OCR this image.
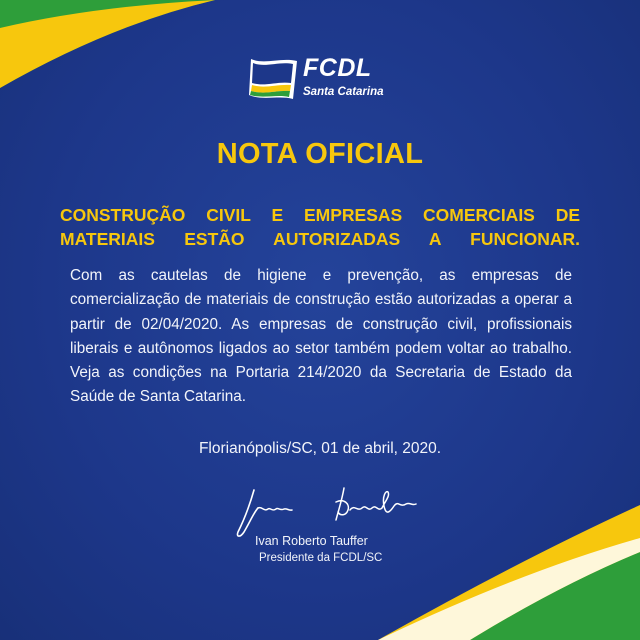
FCDL
Santa Catarina
NOTA OFICIAL
CONSTRUÇÃO CIVIL E EMPRESAS COMERCIAIS DE
MATERIAIS ESTÃO AUTORIZADAS A FUNCIONAR.
Com as cautelas de higiene e prevenção, as empresas de comercialização de materiais de construção estão autorizadas a operar a partir de 02/04/2020. As empresas de construção civil, profissionais liberais e autônomos ligados ao setor também podem voltar ao trabalho. Veja as condições na Portaria 214/2020 da Secretaria de Estado da Saúde de Santa Catarina.
Florianópolis/SC, 01 de abril, 2020.
Ivan Roberto Tauffer
Presidente da FCDL/SC
